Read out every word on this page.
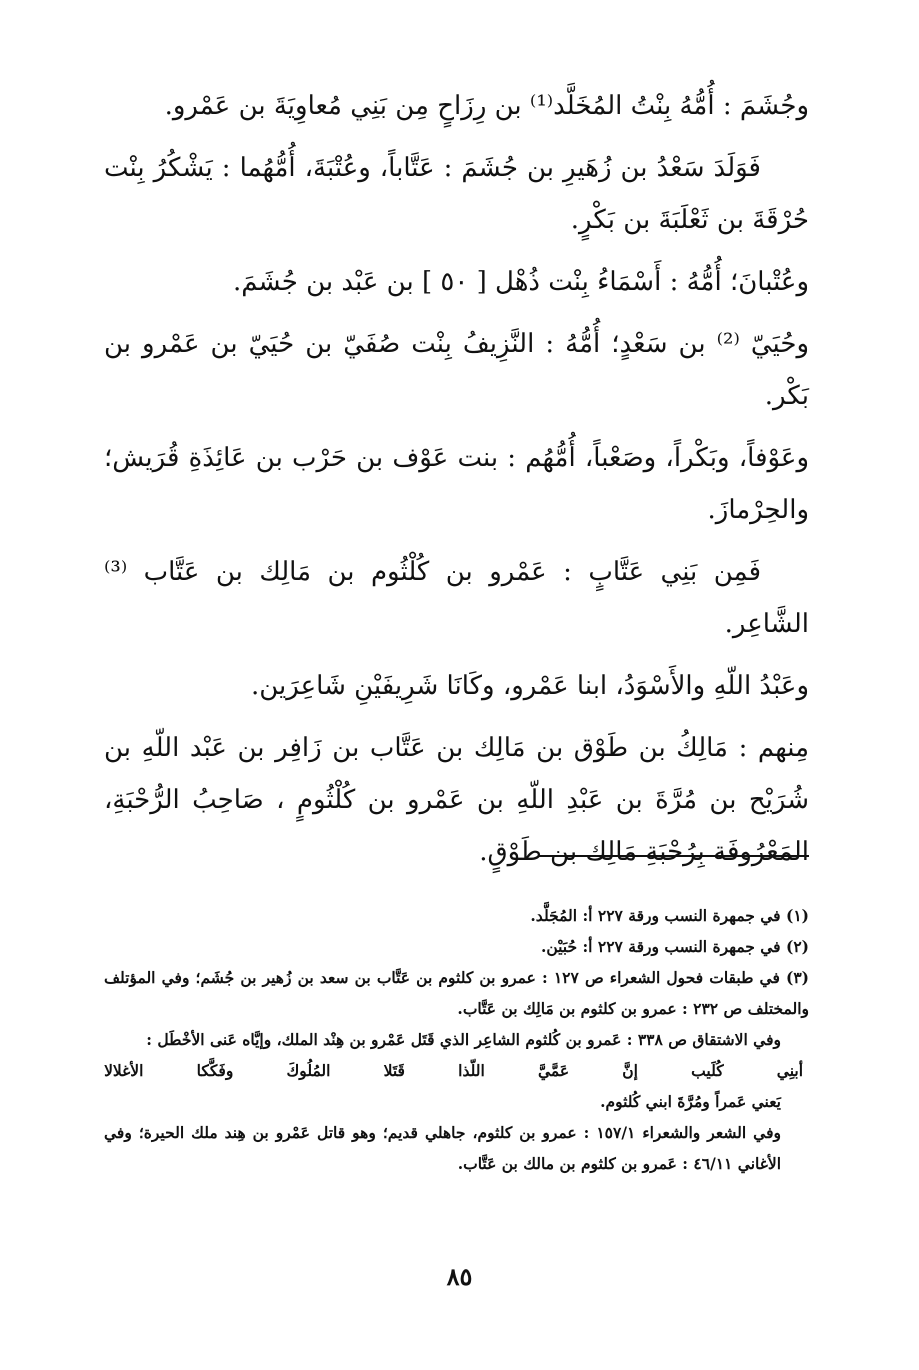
وجُشَمَ : أُمُّهُ بِنْتُ المُخَلَّد⁽¹⁾ بن رِزَاحٍ مِن بَنِي مُعاوِيَةَ بن عَمْرو.

فَوَلَدَ سَعْدُ بن زُهَيرِ بن جُشَمَ : عَتَّاباً، وعُتْبَةَ، أُمُّهُما : يَشْكُرُ بِنْت حُرْقَةَ بن ثَعْلَبَةَ بن بَكْرٍ.

وعُتْبانَ؛ أُمُّهُ : أَسْمَاءُ بِنْت ذُهْل [ ٥٠ ] بن عَبْد بن جُشَمَ.

وحُيَيّ ⁽²⁾ بن سَعْدٍ؛ أُمُّهُ : النَّزِيفُ بِنْت صُفَيّ بن حُيَيّ بن عَمْرو بن بَكْر.

وعَوْفاً، وبَكْراً، وصَعْباً، أُمُّهُم : بنت عَوْف بن حَرْب بن عَائِذَةِ قُرَيش؛ والحِرْمازَ.

فَمِن بَنِي عَتَّابٍ : عَمْرو بن كُلْثُوم بن مَالِك بن عَتَّاب ⁽³⁾ الشَّاعِر.

وعَبْدُ اللّهِ والأَسْوَدُ، ابنا عَمْرو، وكَانَا شَرِيفَيْنِ شَاعِرَين.

مِنهم : مَالِكُ بن طَوْق بن مَالِك بن عَتَّاب بن زَافِر بن عَبْد اللّهِ بن شُرَيْح بن مُرَّةَ بن عَبْدِ اللّهِ بن عَمْرو بن كُلْثُومٍ ، صَاحِبُ الرُّحْبَةِ، المَعْرُوفَة بِرُحْبَةِ مَالِك بن طَوْقٍ.

(١) في جمهرة النسب ورقة ٢٢٧ أ: المُجَلَّد.

(٢) في جمهرة النسب ورقة ٢٢٧ أ: حُبَيْن.

(٣) في طبقات فحول الشعراء ص ١٢٧ : عمرو بن كلثوم بن عَتَّاب بن سعد بن زُهير بن جُشَم؛ وفي المؤتلف والمختلف ص ٢٣٢ : عمرو بن كلثوم بن مَالِك بن عَتَّاب.

وفي الاشتقاق ص ٣٣٨ : عَمرو بن كُلثوم الشاعِر الذي قَتَل عَمْرو بن هِنْد الملك، وإيَّاه عَنى الأخْطَل :

أبنِي
كُلَيب
إنَّ
عَمَّيَّ
اللّذا
قَتَلا
المُلُوكَ
وفَكَّكا
الأغلالا

يَعني عَمراً ومُرَّةَ ابني كُلثوم.

وفي الشعر والشعراء ١٥٧/١ : عمرو بن كلثوم، جاهلي قديم؛ وهو قاتل عَمْرو بن هِند ملك الحيرة؛ وفي الأغاني ٤٦/١١ : عَمرو بن كلثوم بن مالك بن عَتَّاب.

٨٥
